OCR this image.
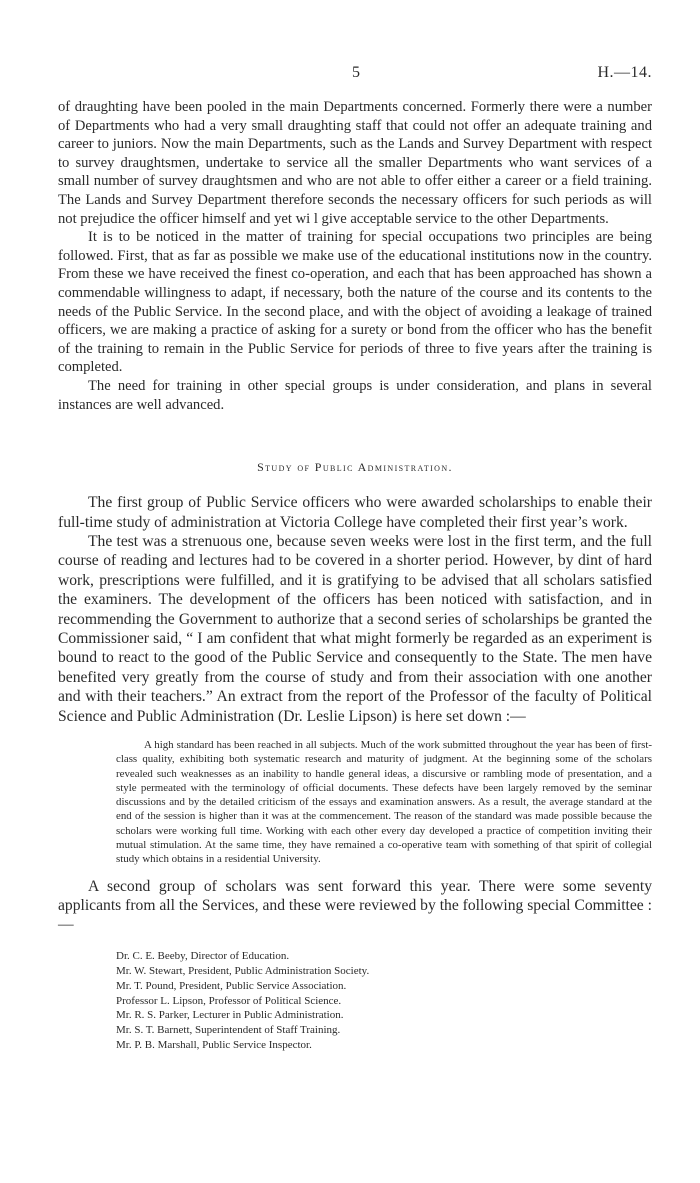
5	H.—14.

of draughting have been pooled in the main Departments concerned. Formerly there were a number of Departments who had a very small draughting staff that could not offer an adequate training and career to juniors. Now the main Departments, such as the Lands and Survey Department with respect to survey draughtsmen, undertake to service all the smaller Departments who want services of a small number of survey draughtsmen and who are not able to offer either a career or a field training. The Lands and Survey Department therefore seconds the necessary officers for such periods as will not prejudice the officer himself and yet wi l give acceptable service to the other Departments.

It is to be noticed in the matter of training for special occupations two principles are being followed. First, that as far as possible we make use of the educational institutions now in the country. From these we have received the finest co-operation, and each that has been approached has shown a commendable willingness to adapt, if necessary, both the nature of the course and its contents to the needs of the Public Service. In the second place, and with the object of avoiding a leakage of trained officers, we are making a practice of asking for a surety or bond from the officer who has the benefit of the training to remain in the Public Service for periods of three to five years after the training is completed.

The need for training in other special groups is under consideration, and plans in several instances are well advanced.

Study of Public Administration.

The first group of Public Service officers who were awarded scholarships to enable their full-time study of administration at Victoria College have completed their first year’s work.

The test was a strenuous one, because seven weeks were lost in the first term, and the full course of reading and lectures had to be covered in a shorter period. However, by dint of hard work, prescriptions were fulfilled, and it is gratifying to be advised that all scholars satisfied the examiners. The development of the officers has been noticed with satisfaction, and in recommending the Government to authorize that a second series of scholarships be granted the Commissioner said, “ I am confident that what might formerly be regarded as an experiment is bound to react to the good of the Public Service and consequently to the State. The men have benefited very greatly from the course of study and from their association with one another and with their teachers.” An extract from the report of the Professor of the faculty of Political Science and Public Administration (Dr. Leslie Lipson) is here set down :—

A high standard has been reached in all subjects. Much of the work submitted throughout the year has been of first-class quality, exhibiting both systematic research and maturity of judgment. At the beginning some of the scholars revealed such weaknesses as an inability to handle general ideas, a discursive or rambling mode of presentation, and a style permeated with the terminology of official documents. These defects have been largely removed by the seminar discussions and by the detailed criticism of the essays and examination answers. As a result, the average standard at the end of the session is higher than it was at the commencement. The reason of the standard was made possible because the scholars were working full time. Working with each other every day developed a practice of competition inviting their mutual stimulation. At the same time, they have remained a co-operative team with something of that spirit of collegial study which obtains in a residential University.

A second group of scholars was sent forward this year. There were some seventy applicants from all the Services, and these were reviewed by the following special Committee :—

Dr. C. E. Beeby, Director of Education.
Mr. W. Stewart, President, Public Administration Society.
Mr. T. Pound, President, Public Service Association.
Professor L. Lipson, Professor of Political Science.
Mr. R. S. Parker, Lecturer in Public Administration.
Mr. S. T. Barnett, Superintendent of Staff Training.
Mr. P. B. Marshall, Public Service Inspector.
